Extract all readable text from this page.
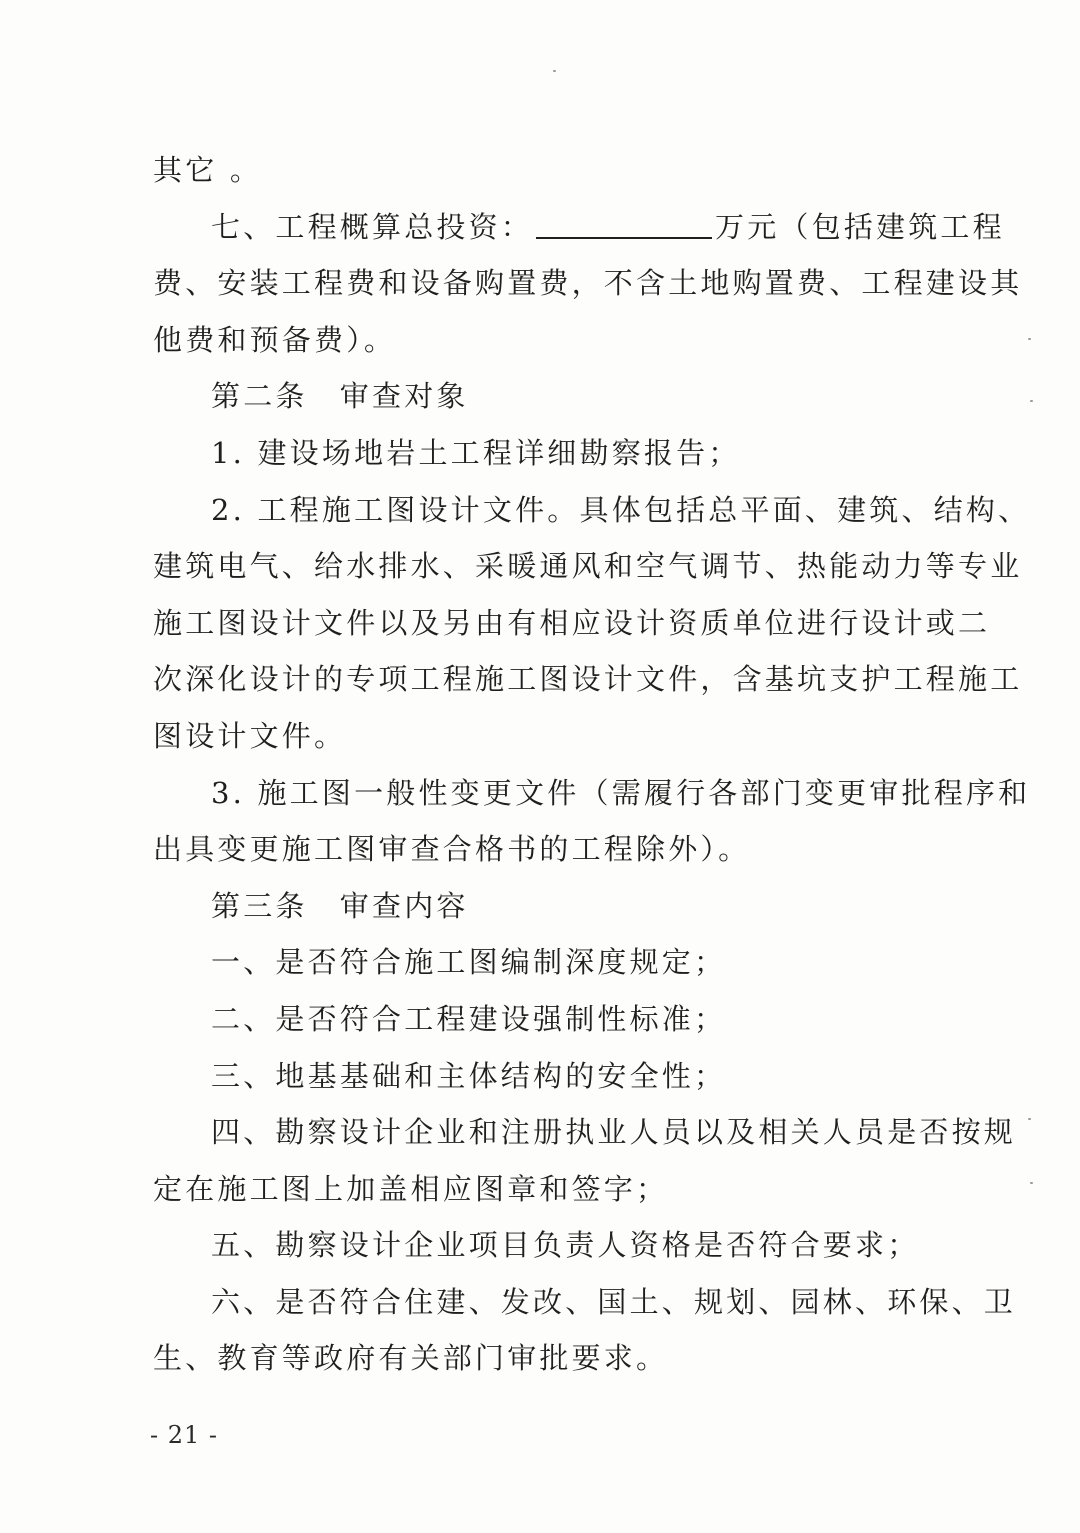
其它 。
七、工程概算总投资：	万元（包括建筑工程
费、安装工程费和设备购置费，不含土地购置费、工程建设其
他费和预备费）。
第二条　审查对象
1. 建设场地岩土工程详细勘察报告；
2. 工程施工图设计文件。具体包括总平面、建筑、结构、
建筑电气、给水排水、采暖通风和空气调节、热能动力等专业
施工图设计文件以及另由有相应设计资质单位进行设计或二
次深化设计的专项工程施工图设计文件，含基坑支护工程施工
图设计文件。
3. 施工图一般性变更文件（需履行各部门变更审批程序和
出具变更施工图审查合格书的工程除外）。
第三条　审查内容
一、是否符合施工图编制深度规定；
二、是否符合工程建设强制性标准；
三、地基基础和主体结构的安全性；
四、勘察设计企业和注册执业人员以及相关人员是否按规
定在施工图上加盖相应图章和签字；
五、勘察设计企业项目负责人资格是否符合要求；
六、是否符合住建、发改、国土、规划、园林、环保、卫
生、教育等政府有关部门审批要求。
- 21 -
